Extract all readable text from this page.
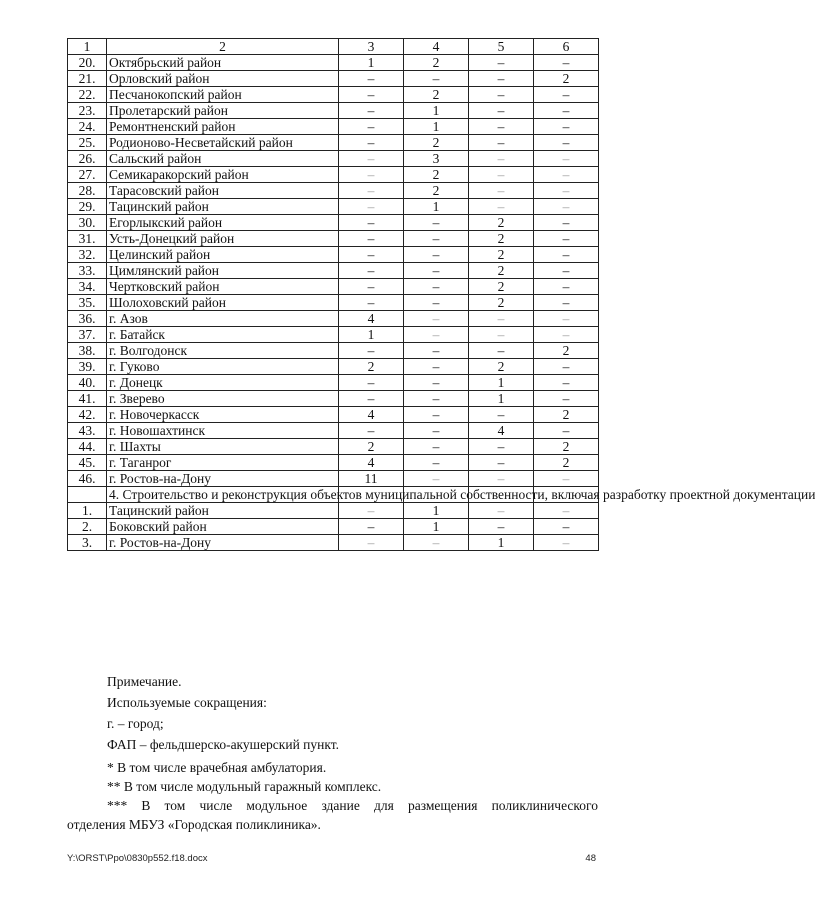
1	2	3	4	5	6
20.	Октябрьский район	1	2	–	–
21.	Орловский район	–	–	–	2
22.	Песчанокопский район	–	2	–	–
23.	Пролетарский район	–	1	–	–
24.	Ремонтненский район	–	1	–	–
25.	Родионово-Несветайский район	–	2	–	–
26.	Сальский район	–	3	–	–
27.	Семикаракорский район	–	2	–	–
28.	Тарасовский район	–	2	–	–
29.	Тацинский район	–	1	–	–
30.	Егорлыкский район	–	–	2	–
31.	Усть-Донецкий район	–	–	2	–
32.	Целинский район	–	–	2	–
33.	Цимлянский район	–	–	2	–
34.	Чертковский район	–	–	2	–
35.	Шолоховский район	–	–	2	–
36.	г. Азов	4	–	–	–
37.	г. Батайск	1	–	–	–
38.	г. Волгодонск	–	–	–	2
39.	г. Гуково	2	–	2	–
40.	г. Донецк	–	–	1	–
41.	г. Зверево	–	–	1	–
42.	г. Новочеркасск	4	–	–	2
43.	г. Новошахтинск	–	–	4	–
44.	г. Шахты	2	–	–	2
45.	г. Таганрог	4	–	–	2
46.	г. Ростов-на-Дону	11	–	–	–
	4. Строительство и реконструкция объектов муниципальной собственности, включая разработку проектной документации				
1.	Тацинский район	–	1	–	–
2.	Боковский район	–	1	–	–
3.	г. Ростов-на-Дону	–	–	1	–
Примечание.
Используемые сокращения:
г. – город;
ФАП – фельдшерско-акушерский пункт.
* В том числе врачебная амбулатория.
** В том числе модульный гаражный комплекс.
*** В том числе модульное здание для размещения поликлинического
отделения МБУЗ «Городская поликлиника».
Y:\ORST\Ppo\0830p552.f18.docx	48
